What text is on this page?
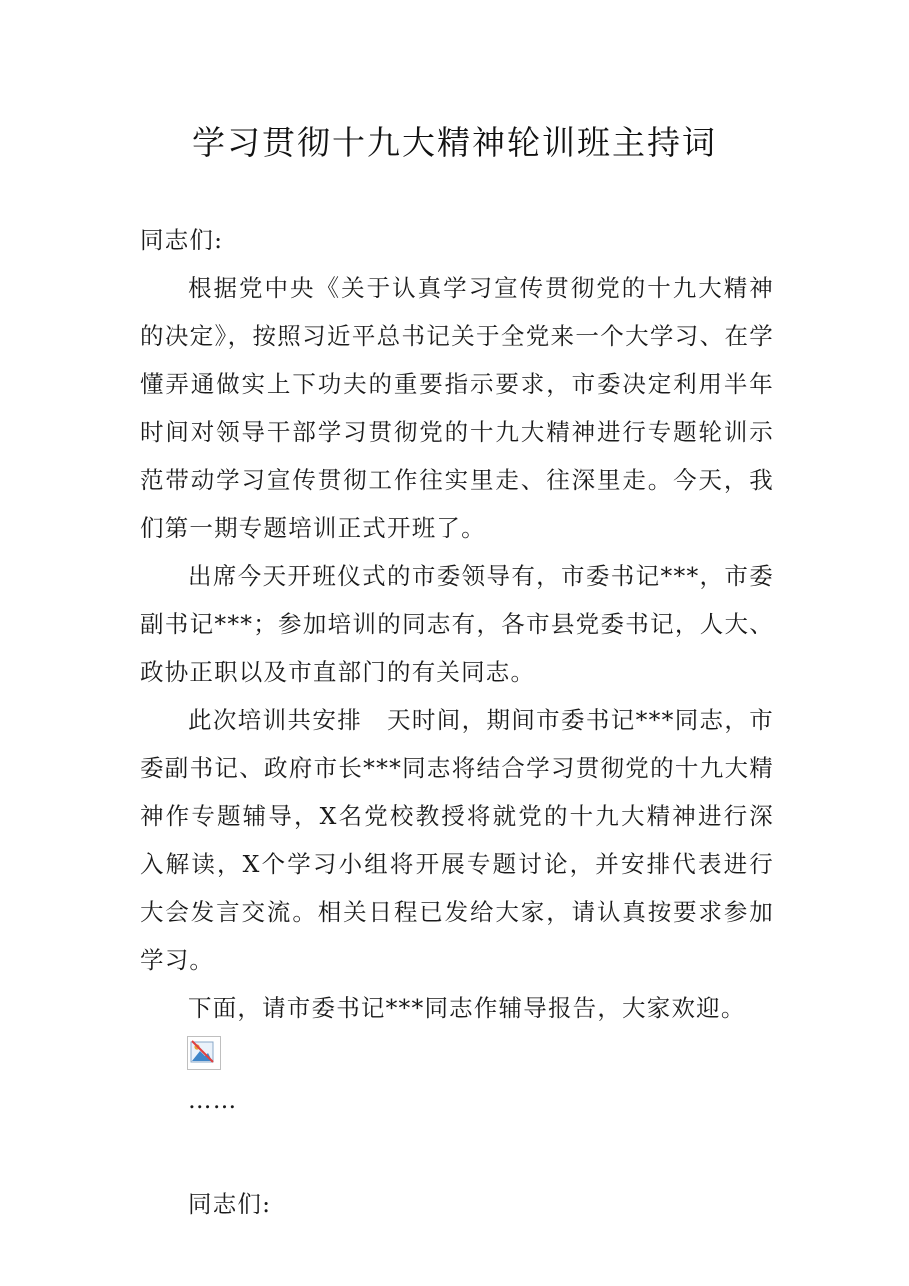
学习贯彻十九大精神轮训班主持词

同志们:

根据党中央《关于认真学习宣传贯彻党的十九大精神的决定》，按照习近平总书记关于全党来一个大学习、在学懂弄通做实上下功夫的重要指示要求，市委决定利用半年时间对领导干部学习贯彻党的十九大精神进行专题轮训示范带动学习宣传贯彻工作往实里走、往深里走。今天，我们第一期专题培训正式开班了。

出席今天开班仪式的市委领导有，市委书记***，市委副书记***；参加培训的同志有，各市县党委书记，人大、政协正职以及市直部门的有关同志。

此次培训共安排　天时间，期间市委书记***同志，市委副书记、政府市长***同志将结合学习贯彻党的十九大精神作专题辅导，X名党校教授将就党的十九大精神进行深入解读，X个学习小组将开展专题讨论，并安排代表进行大会发言交流。相关日程已发给大家，请认真按要求参加学习。

下面，请市委书记***同志作辅导报告，大家欢迎。

……

同志们:
